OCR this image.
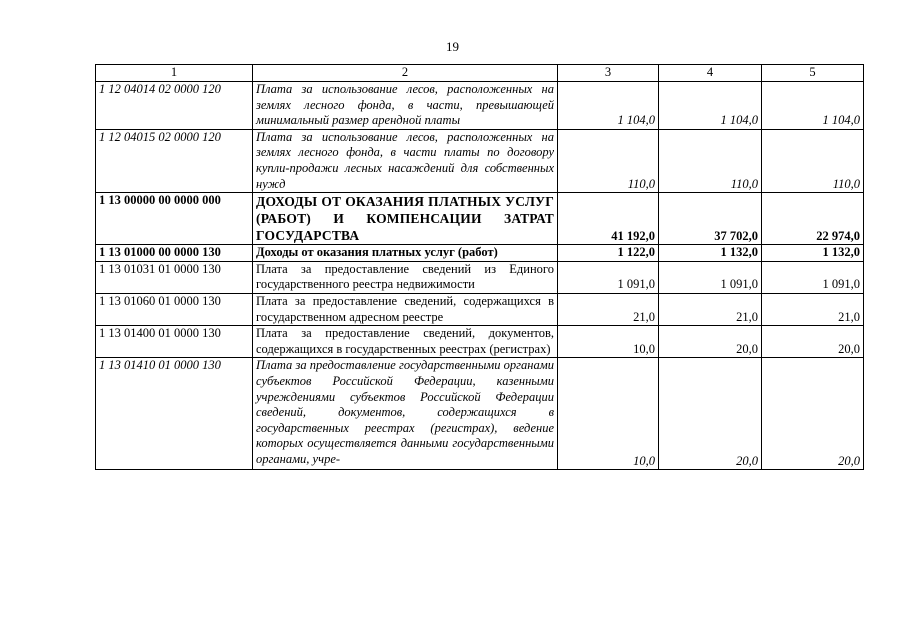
19
1	2	3	4	5
1 12 04014 02 0000 120	Плата за использование лесов, расположенных на землях лесного фонда, в части, превышающей минимальный размер арендной платы	1 104,0	1 104,0	1 104,0
1 12 04015 02 0000 120	Плата за использование лесов, расположенных на землях лесного фонда, в части платы по договору купли-продажи лесных насаждений для собственных нужд	110,0	110,0	110,0
1 13 00000 00 0000 000	ДОХОДЫ ОТ ОКАЗАНИЯ ПЛАТНЫХ УСЛУГ (РАБОТ) И КОМПЕНСАЦИИ ЗАТРАТ ГОСУДАРСТВА	41 192,0	37 702,0	22 974,0
1 13 01000 00 0000 130	Доходы от оказания платных услуг (работ)	1 122,0	1 132,0	1 132,0
1 13 01031 01 0000 130	Плата за предоставление сведений из Единого государственного реестра недвижимости	1 091,0	1 091,0	1 091,0
1 13 01060 01 0000 130	Плата за предоставление сведений, содержащихся в государственном адресном реестре	21,0	21,0	21,0
1 13 01400 01 0000 130	Плата за предоставление сведений, документов, содержащихся в государственных реестрах (регистрах)	10,0	20,0	20,0
1 13 01410 01 0000 130	Плата за предоставление государственными органами субъектов Российской Федерации, казенными учреждениями субъектов Российской Федерации сведений, документов, содержащихся в государственных реестрах (регистрах), ведение которых осуществляется данными государственными органами, учре-	10,0	20,0	20,0
